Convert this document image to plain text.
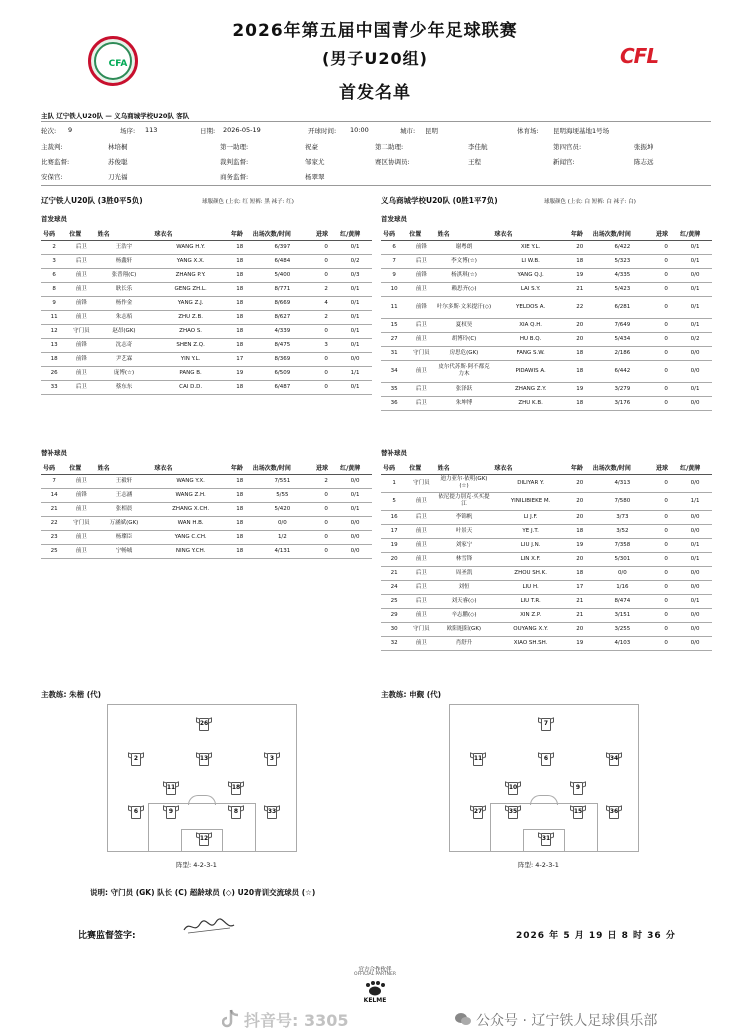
CFA
2026年第五届中国青少年足球联赛
(男子U20组)
首发名单
CFL
主队 辽宁铁人U20队 — 义乌商城学校U20队 客队
轮次: 9	场序: 113	日期: 2026-05-19	开球时间: 10:00	城市: 昆明	体育场: 昆明海埂基地1号场
主裁判:	林培桐	第一助理:	祝豪	第二助理:	李佳航	第四官员:	张振坤
比赛监督:	苏俊聪	裁判监督:	邹家尤	赛区协调员:	王程	新闻官:	陈志远
安保官:	刀光福	商务监督:	杨翠翠
辽宁铁人U20队 (3胜0平5负)	球服颜色 (上衣: 红 短裤: 黑 袜子: 红)	义乌商城学校U20队 (0胜1平7负)	球服颜色 (上衣: 白 短裤: 白 袜子: 白)
首发球员	首发球员
号码	位置	姓名	球衣名	年龄	出场次数/时间	进球	红/黄牌
2	后卫	王浩宇	WANG H.Y.	18	6/397	0	0/1
3	后卫	杨鑫轩	YANG X.X.	18	6/484	0	0/2
6	前卫	张普翔(C)	ZHANG P.Y.	18	5/400	0	0/3
8	前卫	耿长乐	GENG ZH.L.	18	8/771	2	0/1
9	前锋	杨作金	YANG Z.J.	18	8/669	4	0/1
11	前卫	朱志栢	ZHU Z.B.	18	8/627	2	0/1
12	守门员	赵昂(GK)	ZHAO S.	18	4/339	0	0/1
13	前锋	沈志奇	SHEN Z.Q.	18	8/475	3	0/1
18	前锋	尹艺霖	YIN Y.L.	17	8/369	0	0/0
26	前卫	庞博(☆)	PANG B.	19	6/509	0	1/1
33	后卫	蔡东东	CAI D.D.	18	6/487	0	0/1
号码	位置	姓名	球衣名	年龄	出场次数/时间	进球	红/黄牌
6	前锋	谢粤朗	XIE Y.L.	20	6/422	0	0/1
7	后卫	李文博(☆)	LI W.B.	18	5/323	0	0/1
9	前锋	杨淇琪(☆)	YANG Q.J.	19	4/335	0	0/0
10	前卫	赖思齐(◇)	LAI S.Y.	21	5/423	0	0/1
11	前锋	叶尔多斯·文米提汗(◇)	YELDOS A.	22	6/281	0	0/1
15	后卫	夏权昊	XIA Q.H.	20	7/649	0	0/1
27	前卫	胡博玲(C)	HU B.Q.	20	5/434	0	0/2
31	守门员	房思危(GK)	FANG S.W.	18	2/186	0	0/0
34	前卫	皮尔代苏斯·阿不都克力木	PIDAWIS A.	18	6/442	0	0/0
35	后卫	张泽跃	ZHANG Z.Y.	19	3/279	0	0/1
36	后卫	朱坤博	ZHU K.B.	18	3/176	0	0/0
替补球员	替补球员
号码	位置	姓名	球衣名	年龄	出场次数/时间	进球	红/黄牌
7	前卫	王毅轩	WANG Y.X.	18	7/551	2	0/0
14	前锋	王志涵	WANG Z.H.	18	5/55	0	0/1
21	前卫	张相晨	ZHANG X.CH.	18	5/420	0	0/1
22	守门员	万涵斌(GK)	WAN H.B.	18	0/0	0	0/0
23	前卫	杨璨臣	YANG C.CH.	18	1/2	0	0/0
25	前卫	宁畅城	NING Y.CH.	18	4/131	0	0/0
号码	位置	姓名	球衣名	年龄	出场次数/时间	进球	红/黄牌
1	守门员	迪力亚尔·依明(GK)(☆)	DILIYAR Y.	20	4/313	0	0/0
5	前卫	依尼提力别克·买买提江	YINILIBIEKE M.	20	7/580	0	1/1
16	后卫	李锦帆	LI J.F.	20	3/73	0	0/0
17	前卫	叶景天	YE J.T.	18	3/52	0	0/0
19	前卫	刘家宁	LIU J.N.	19	7/358	0	0/1
20	前卫	林雪锋	LIN X.F.	20	5/301	0	0/1
21	后卫	周圣凯	ZHOU SH.K.	18	0/0	0	0/0
24	后卫	刘恒	LIU H.	17	1/16	0	0/0
25	后卫	刘天睿(◇)	LIU T.R.	21	8/474	0	0/1
29	前卫	辛志鹏(◇)	XIN Z.P.	21	3/151	0	0/0
30	守门员	欧阳旭阳(GK)	OUYANG X.Y.	20	3/255	0	0/0
32	前卫	肖舒升	XIAO SH.SH.	19	4/103	0	0/0
主教练: 朱楷 (代)	主教练: 申觐 (代)
26
2	13	3
11	18
6	9	8	33
12
7
11	6	34
10	9
27	35	15	36
31
阵型: 4-2-3-1	阵型: 4-2-3-1
说明: 守门员 (GK) 队长 (C) 超龄球员 (◇) U20青训交流球员 (☆)
比赛监督签字:	2026 年 5 月 19 日 8 时 36 分
官方合作伙伴
OFFICIAL PARTNER
KELME
抖音号: 3305	公众号 · 辽宁铁人足球俱乐部
